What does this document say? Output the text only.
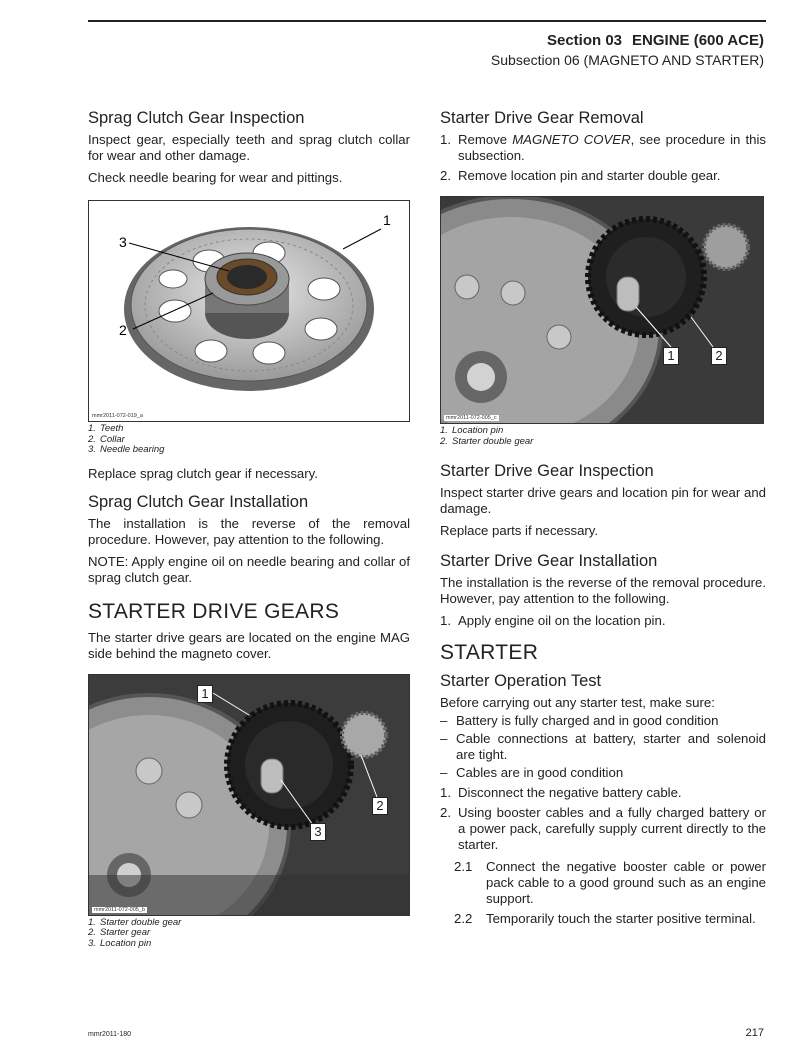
Section 03 ENGINE (600 ACE)
Subsection 06 (MAGNETO AND STARTER)
Sprag Clutch Gear Inspection

Inspect gear, especially teeth and sprag clutch collar for wear and other damage.

Check needle bearing for wear and pittings.

3
2
1
mmr2011-072-019_a
1. Teeth
2. Collar
3. Needle bearing

Replace sprag clutch gear if necessary.

Sprag Clutch Gear Installation

The installation is the reverse of the removal procedure. However, pay attention to the following.

NOTE: Apply engine oil on needle bearing and collar of sprag clutch gear.

STARTER DRIVE GEARS

The starter drive gears are located on the engine MAG side behind the magneto cover.

1
2
3
mmr2011-072-005_b
1. Starter double gear
2. Starter gear
3. Location pin
Starter Drive Gear Removal
1. Remove MAGNETO COVER, see procedure in this subsection.
2. Remove location pin and starter double gear.
1	2
mmr2011-072-005_c
1. Location pin
2. Starter double gear
Starter Drive Gear Inspection

Inspect starter drive gears and location pin for wear and damage.

Replace parts if necessary.

Starter Drive Gear Installation

The installation is the reverse of the removal procedure. However, pay attention to the following.

1. Apply engine oil on the location pin.
STARTER
Starter Operation Test

Before carrying out any starter test, make sure:

– Battery is fully charged and in good condition
– Cable connections at battery, starter and solenoid are tight.
– Cables are in good condition
1. Disconnect the negative battery cable.
2. Using booster cables and a fully charged battery or a power pack, carefully supply current directly to the starter.
2.1 Connect the negative booster cable or power pack cable to a good ground such as an engine support.
2.2 Temporarily touch the starter positive terminal.
mmr2011-180	217
